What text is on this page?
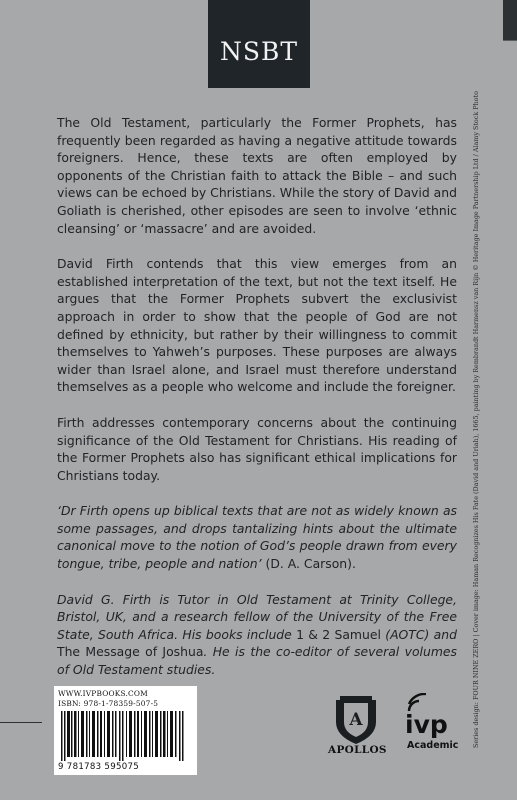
NSBT

The Old Testament, particularly the Former Prophets, has frequently been regarded as having a negative attitude towards foreigners. Hence, these texts are often employed by opponents of the Christian faith to attack the Bible – and such views can be echoed by Christians. While the story of David and Goliath is cherished, other episodes are seen to involve ‘ethnic cleansing’ or ‘massacre’ and are avoided.

David Firth contends that this view emerges from an established interpretation of the text, but not the text itself. He argues that the Former Prophets subvert the exclusivist approach in order to show that the people of God are not defined by ethnicity, but rather by their willingness to commit themselves to Yahweh’s purposes. These purposes are always wider than Israel alone, and Israel must therefore understand themselves as a people who welcome and include the foreigner.

Firth addresses contemporary concerns about the continuing significance of the Old Testament for Christians. His reading of the Former Prophets also has significant ethical implications for Christians today.

‘Dr Firth opens up biblical texts that are not as widely known as some passages, and drops tantalizing hints about the ultimate canonical move to the notion of God’s people drawn from every tongue, tribe, people and nation’ (D. A. Carson).

David G. Firth is Tutor in Old Testament at Trinity College, Bristol, UK, and a research fellow of the University of the Free State, South Africa. His books include 1 & 2 Samuel (AOTC) and The Message of Joshua. He is the co-editor of several volumes of Old Testament studies.	Series design: FOUR NINE ZERO | Cover image: Haman Recognizes His Fate (David and Uriah), 1665, painting by Rembrandt Harmensz van Rijn © Heritage Image Partnership Ltd / Alamy Stock Photo
WWW.IVPBOOKS.COM
ISBN: 978-1-78359-507-5
9 781783 595075
A
APOLLOS
ivp
Academic
